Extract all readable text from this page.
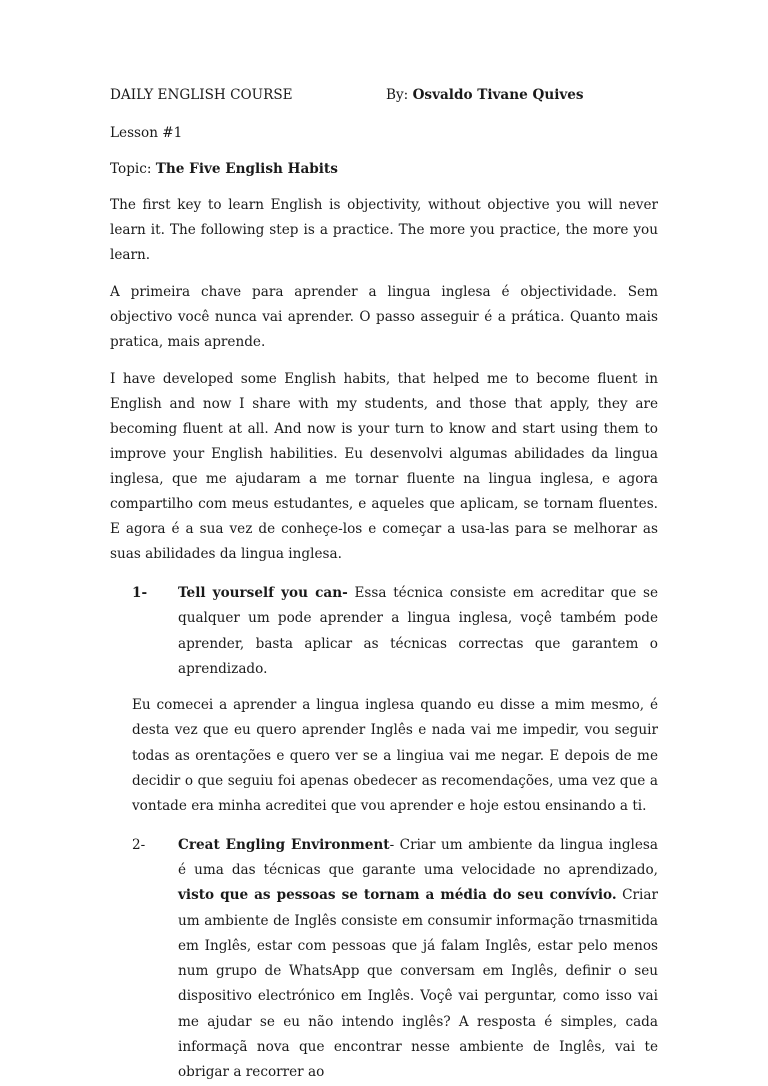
DAILY ENGLISH COURSE	By: Osvaldo Tivane Quives

Lesson #1

Topic: The Five English Habits

The first key to learn English is objectivity, without objective you will never learn it. The following step is a practice. The more you practice, the more you learn.

A primeira chave para aprender a lingua inglesa é objectividade. Sem objectivo você nunca vai aprender. O passo asseguir é a prática. Quanto mais pratica, mais aprende.

I have developed some English habits, that helped me to become fluent in English and now I share with my students, and those that apply, they are becoming fluent at all. And now is your turn to know and start using them to improve your English habilities. Eu desenvolvi algumas abilidades da lingua inglesa, que me ajudaram a me tornar fluente na lingua inglesa, e agora compartilho com meus estudantes, e aqueles que aplicam, se tornam fluentes. E agora é a sua vez de conheçe-los e começar a usa-las para se melhorar as suas abilidades da lingua inglesa.

1-	Tell yourself you can- Essa técnica consiste em acreditar que se qualquer um pode aprender a lingua inglesa, voçê também pode aprender, basta aplicar as técnicas correctas que garantem o aprendizado.

Eu comecei a aprender a lingua inglesa quando eu disse a mim mesmo, é desta vez que eu quero aprender Inglês e nada vai me impedir, vou seguir todas as orentações e quero ver se a lingiua vai me negar. E depois de me decidir o que seguiu foi apenas obedecer as recomendações, uma vez que a vontade era minha acreditei que vou aprender e hoje estou ensinando a ti.

2-	Creat Engling Environment- Criar um ambiente da lingua inglesa é uma das técnicas que garante uma velocidade no aprendizado, visto que as pessoas se tornam a média do seu convívio. Criar um ambiente de Inglês consiste em consumir informação trnasmitida em Inglês, estar com pessoas que já falam Inglês, estar pelo menos num grupo de WhatsApp que conversam em Inglês, definir o seu dispositivo electrónico em Inglês. Voçê vai perguntar, como isso vai me ajudar se eu não intendo inglês? A resposta é simples, cada informaçã nova que encontrar nesse ambiente de Inglês, vai te obrigar a recorrer ao
